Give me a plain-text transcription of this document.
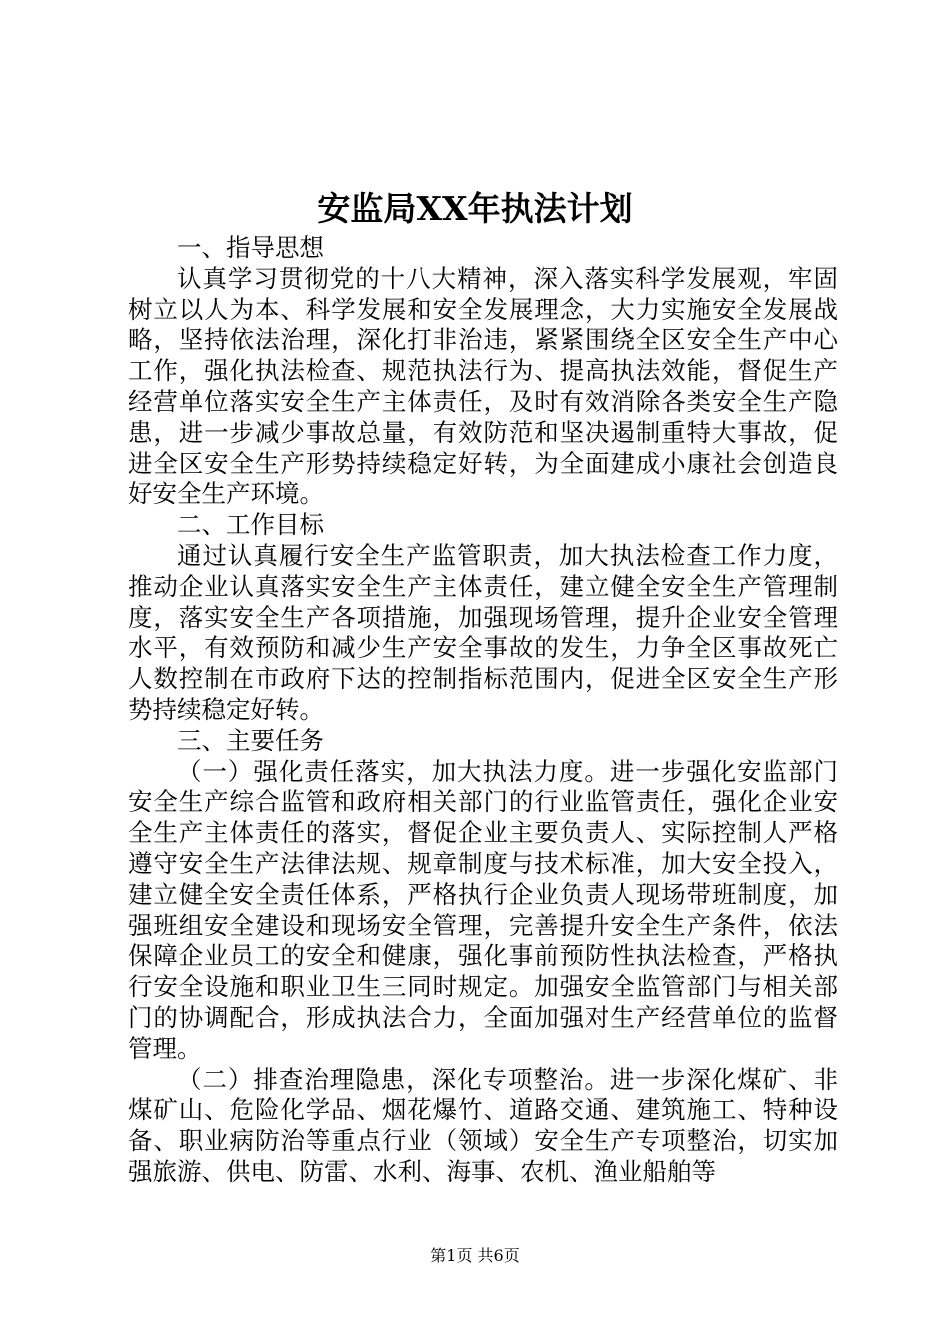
安监局XX年执法计划

一、指导思想

认真学习贯彻党的十八大精神，深入落实科学发展观，牢固树立以人为本、科学发展和安全发展理念，大力实施安全发展战略，坚持依法治理，深化打非治违，紧紧围绕全区安全生产中心工作，强化执法检查、规范执法行为、提高执法效能，督促生产经营单位落实安全生产主体责任，及时有效消除各类安全生产隐患，进一步减少事故总量，有效防范和坚决遏制重特大事故，促进全区安全生产形势持续稳定好转，为全面建成小康社会创造良好安全生产环境。

二、工作目标

通过认真履行安全生产监管职责，加大执法检查工作力度，推动企业认真落实安全生产主体责任，建立健全安全生产管理制度，落实安全生产各项措施，加强现场管理，提升企业安全管理水平，有效预防和减少生产安全事故的发生，力争全区事故死亡人数控制在市政府下达的控制指标范围内，促进全区安全生产形势持续稳定好转。

三、主要任务

（一）强化责任落实，加大执法力度。进一步强化安监部门安全生产综合监管和政府相关部门的行业监管责任，强化企业安全生产主体责任的落实，督促企业主要负责人、实际控制人严格遵守安全生产法律法规、规章制度与技术标准，加大安全投入，建立健全安全责任体系，严格执行企业负责人现场带班制度，加强班组安全建设和现场安全管理，完善提升安全生产条件，依法保障企业员工的安全和健康，强化事前预防性执法检查，严格执行安全设施和职业卫生三同时规定。加强安全监管部门与相关部门的协调配合，形成执法合力，全面加强对生产经营单位的监督管理。

（二）排查治理隐患，深化专项整治。进一步深化煤矿、非煤矿山、危险化学品、烟花爆竹、道路交通、建筑施工、特种设备、职业病防治等重点行业（领域）安全生产专项整治，切实加强旅游、供电、防雷、水利、海事、农机、渔业船舶等

第1页 共6页
